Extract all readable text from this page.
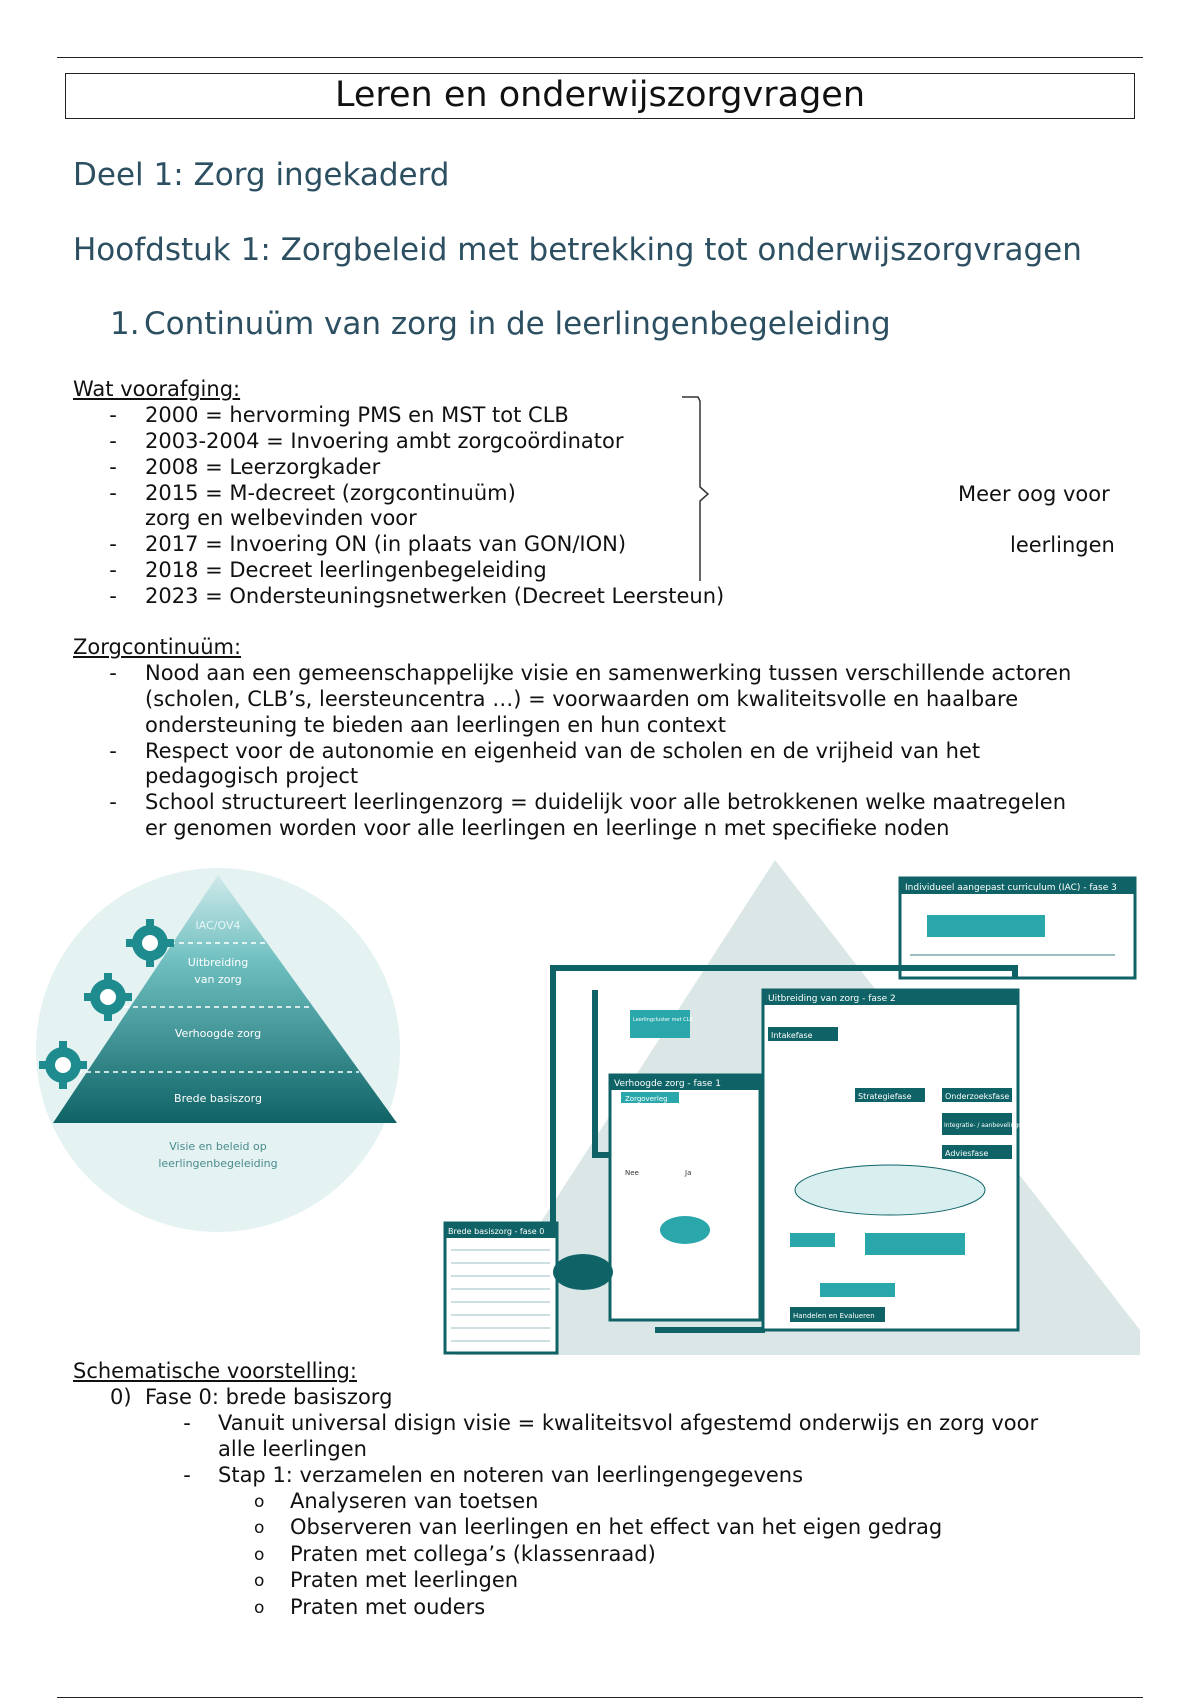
Leren en onderwijszorgvragen
Deel 1: Zorg ingekaderd
Hoofdstuk 1: Zorgbeleid met betrekking tot onderwijszorgvragen
1. Continuüm van zorg in de leerlingenbegeleiding
Wat voorafging:
- 2000 = hervorming PMS en MST tot CLB
- 2003-2004 = Invoering ambt zorgcoördinator
- 2008 = Leerzorgkader
- 2015 = M-decreet (zorgcontinuüm)
zorg en welbevinden voor
- 2017 = Invoering ON (in plaats van GON/ION)
- 2018 = Decreet leerlingenbegeleiding
- 2023 = Ondersteuningsnetwerken (Decreet Leersteun)
Meer oog voor
leerlingen
Zorgcontinuüm:
- Nood aan een gemeenschappelijke visie en samenwerking tussen verschillende actoren
(scholen, CLB’s, leersteuncentra …) = voorwaarden om kwaliteitsvolle en haalbare
ondersteuning te bieden aan leerlingen en hun context
- Respect voor de autonomie en eigenheid van de scholen en de vrijheid van het
pedagogisch project
- School structureert leerlingenzorg = duidelijk voor alle betrokkenen welke maatregelen
er genomen worden voor alle leerlingen en leerlinge n met specifieke noden
IAC/OV4
Uitbreiding
van zorg
Verhoogde zorg
Brede basiszorg
Visie en beleid op
leerlingenbegeleiding
Individueel aangepast curriculum (IAC) - fase 3
Uitbreiding van zorg - fase 2
Intakefase
Strategiefase	Onderzoeksfase
Integratie- / aanbevelingsfase
Adviesfase
Handelen en Evalueren
Verhoogde zorg - fase 1
Zorgoverleg
Leerlingcluster met CLB
Ja
Nee
Brede basiszorg - fase 0
Schematische voorstelling:
0) Fase 0: brede basiszorg
- Vanuit universal disign visie = kwaliteitsvol afgestemd onderwijs en zorg voor
alle leerlingen
- Stap 1: verzamelen en noteren van leerlingengegevens
o Analyseren van toetsen
o Observeren van leerlingen en het effect van het eigen gedrag
o Praten met collega’s (klassenraad)
o Praten met leerlingen
o Praten met ouders
